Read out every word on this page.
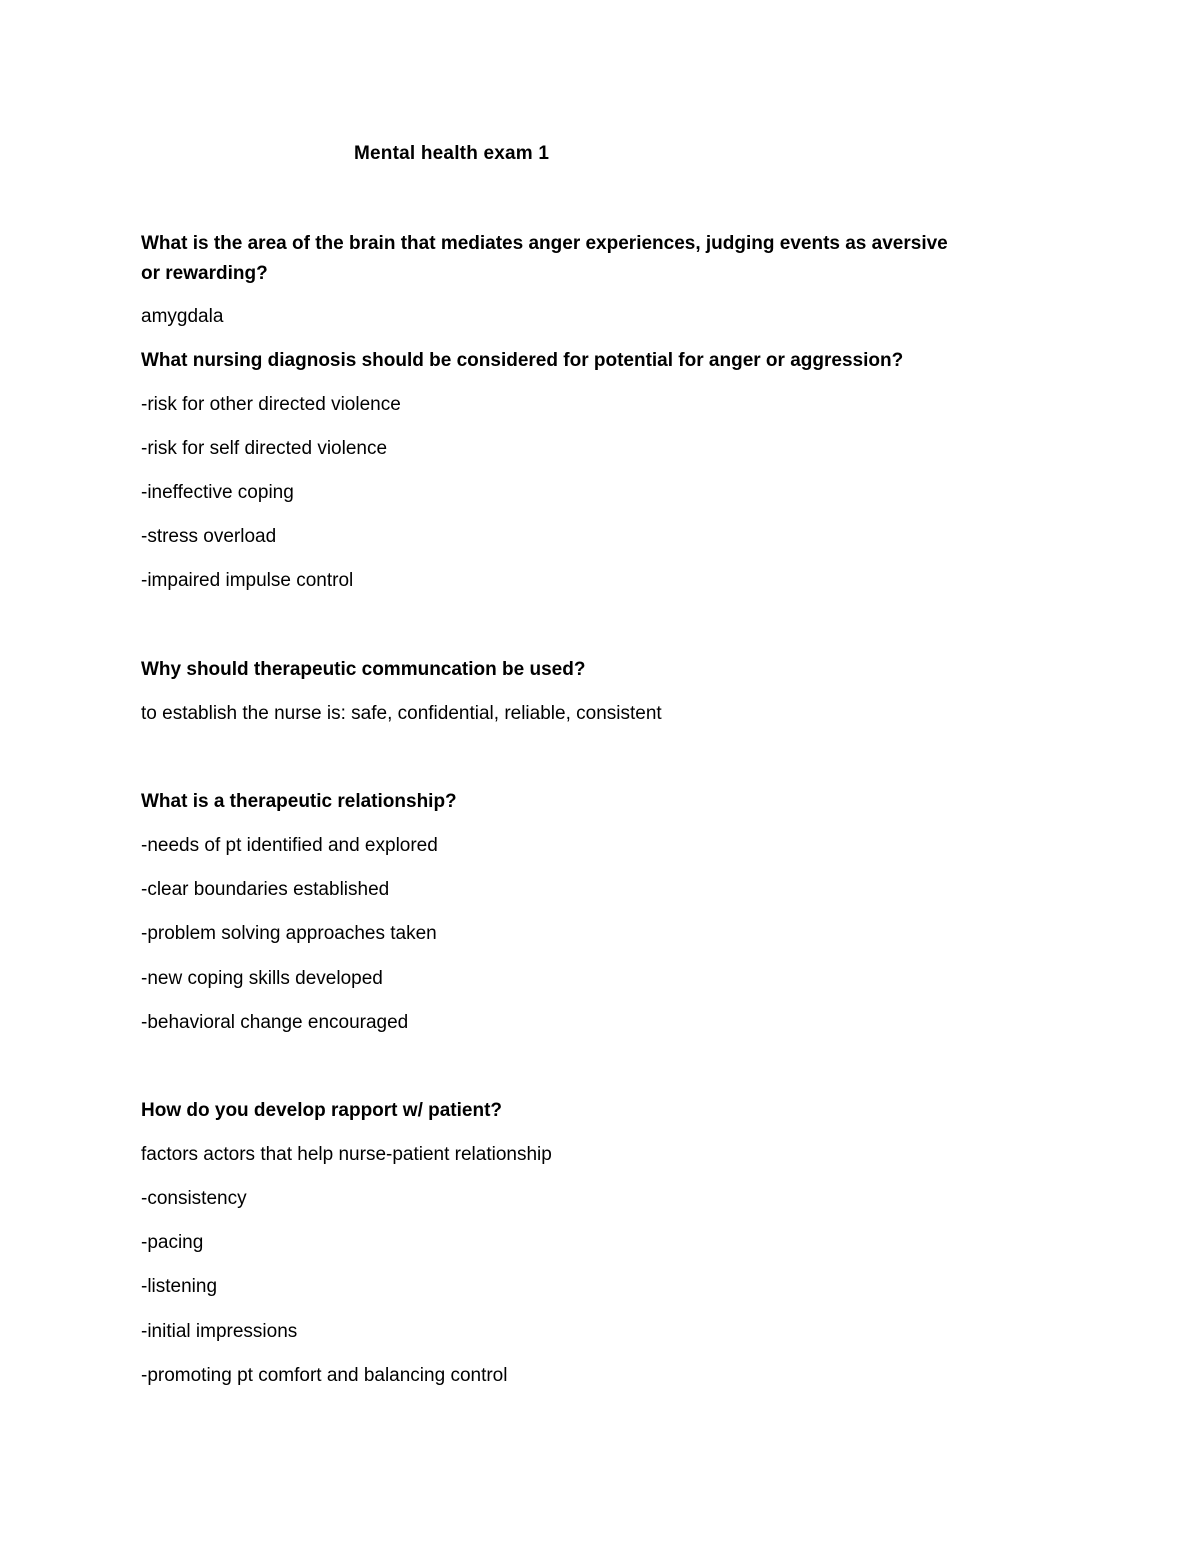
Mental health exam 1
What is the area of the brain that mediates anger experiences, judging events as aversive or rewarding?
amygdala
What nursing diagnosis should be considered for potential for anger or aggression?
-risk for other directed violence
-risk for self directed violence
-ineffective coping
-stress overload
-impaired impulse control
Why should therapeutic communcation be used?
to establish the nurse is: safe, confidential, reliable, consistent
What is a therapeutic relationship?
-needs of pt identified and explored
-clear boundaries established
-problem solving approaches taken
-new coping skills developed
-behavioral change encouraged
How do you develop rapport w/ patient?
factors actors that help nurse-patient relationship
-consistency
-pacing
-listening
-initial impressions
-promoting pt comfort and balancing control
